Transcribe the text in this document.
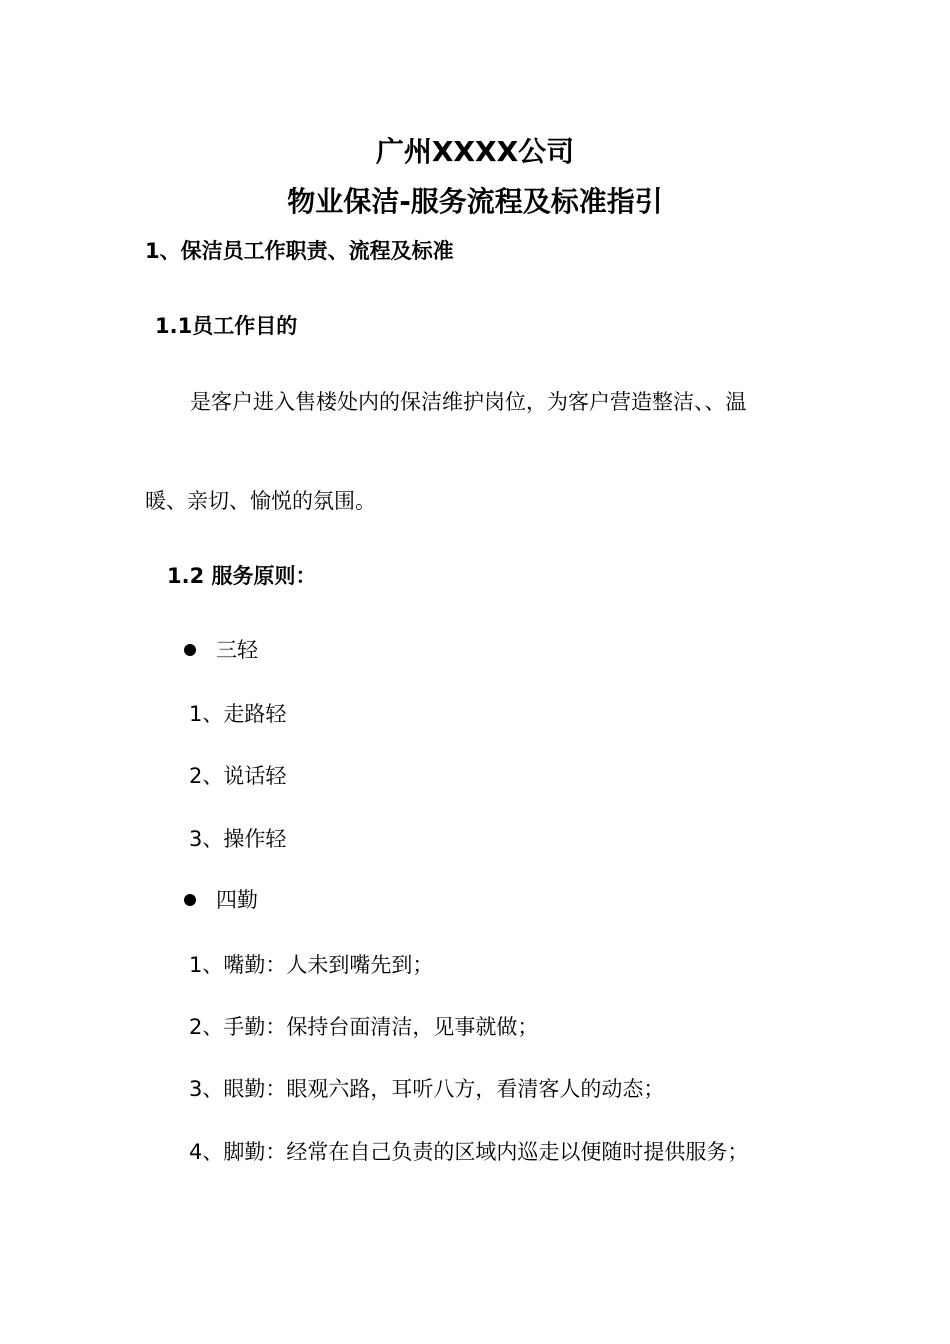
广州XXXX公司
物业保洁-服务流程及标准指引
1、保洁员工作职责、流程及标准
1.1员工作目的
是客户进入售楼处内的保洁维护岗位，为客户营造整洁、、温
暖、亲切、愉悦的氛围。
1.2 服务原则：
三轻
1、走路轻
2、说话轻
3、操作轻
四勤
1、嘴勤：人未到嘴先到；
2、手勤：保持台面清洁，见事就做；
3、眼勤：眼观六路，耳听八方，看清客人的动态；
4、脚勤：经常在自己负责的区域内巡走以便随时提供服务；
